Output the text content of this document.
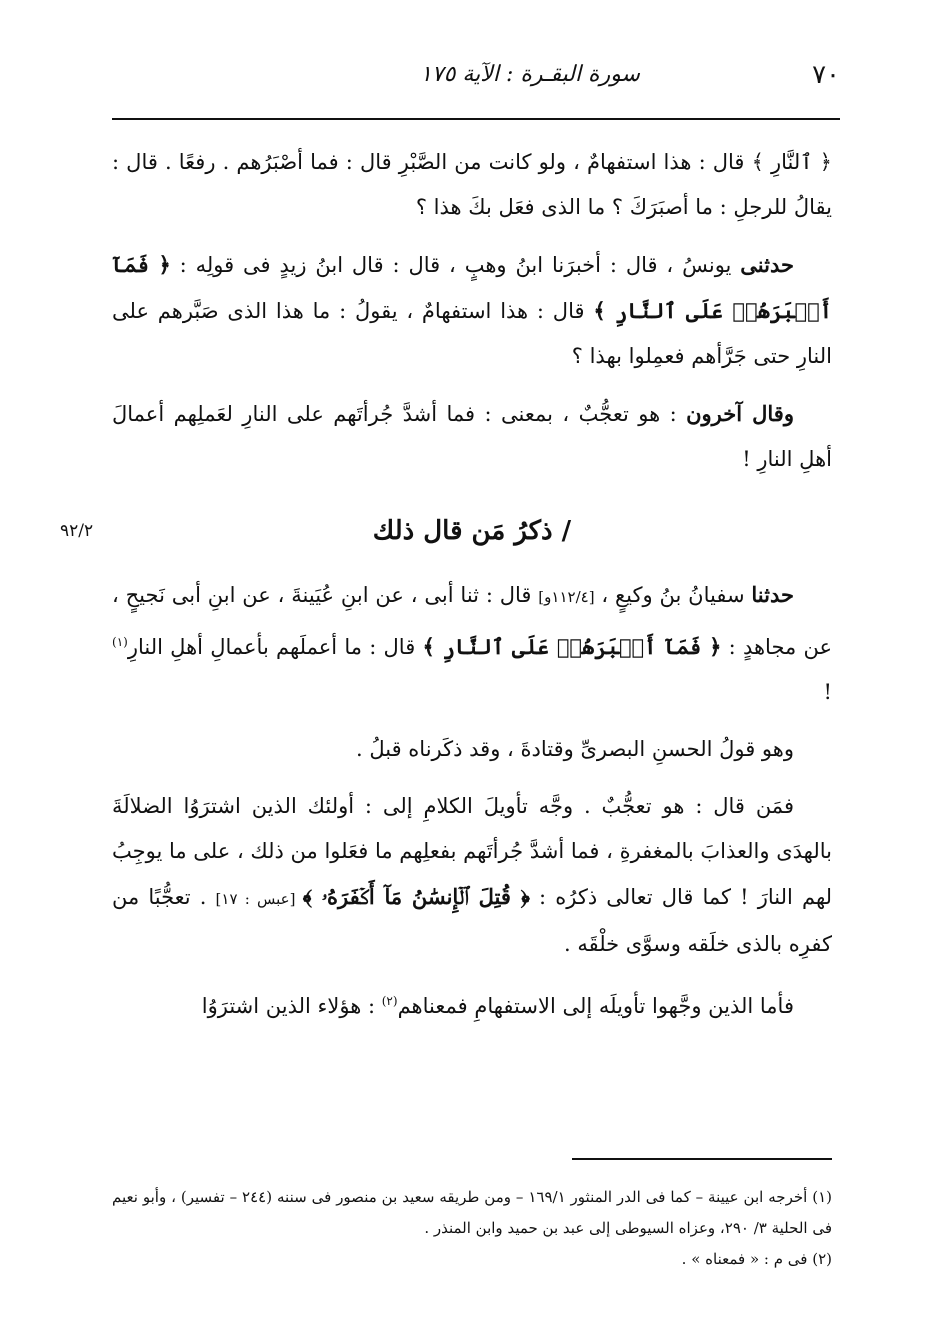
٧٠
سورة البقـرة : الآية ١٧٥

﴿ ٱلنَّارِ ﴾ قال : هذا استفهامٌ ، ولو كانت من الصَّبْرِ قال : فما أصْبَرُهم . رفعًا . قال : يقالُ للرجلِ : ما أصبَرَكَ ؟ ما الذى فعَل بكَ هذا ؟

حدثنى يونسُ ، قال : أخبرَنا ابنُ وهبٍ ، قال : قال ابنُ زيدٍ فى قولِه : ﴿ فَمَآ أَصۡبَرَهُمۡ عَلَى ٱلنَّارِ ﴾ قال : هذا استفهامٌ ، يقولُ : ما هذا الذى صَبَّرهم على النارِ حتى جَرَّأهم فعمِلوا بهذا ؟

وقال آخرون : هو تعجُّبٌ ، بمعنى : فما أشدَّ جُرأتَهم على النارِ لعَملِهم أعمالَ أهلِ النارِ !

/ ذكرُ مَن قال ذلك
٩٢/٢

حدثنا سفيانُ بنُ وكيعٍ ، [١١٢/٤و] قال : ثنا أبى ، عن ابنِ عُيَينةَ ، عن ابنِ أبى نَجيحٍ ، عن مجاهدٍ : ﴿ فَمَآ أَصۡبَرَهُمۡ عَلَى ٱلنَّارِ ﴾ قال : ما أعملَهم بأعمالِ أهلِ النارِ$^{(١)}$ !

وهو قولُ الحسنِ البصرىِّ وقتادةَ ، وقد ذكَرناه قبلُ .

فمَن قال : هو تعجُّبٌ . وجَّه تأويلَ الكلامِ إلى : أولئك الذين اشترَوُا الضلالَةَ بالهدَى والعذابَ بالمغفرةِ ، فما أشدَّ جُرأتَهم بفعلِهم ما فعَلوا من ذلك ، على ما يوجِبُ لهم النارَ ! كما قال تعالى ذكرُه : ﴿ قُتِلَ ٱلۡإِنسَٰنُ مَآ أَكۡفَرَهُۥ ﴾ [عبس : ١٧] . تعجُّبًا من كفرِه بالذى خلَقه وسوَّى خلْقَه .

فأما الذين وجَّهوا تأويلَه إلى الاستفهامِ فمعناهم$^{(٢)}$ : هؤلاء الذين اشترَوُا

(١) أخرجه ابن عيينة – كما فى الدر المنثور ١٦٩/١ – ومن طريقه سعيد بن منصور فى سننه (٢٤٤ – تفسير) ، وأبو نعيم فى الحلية ٣/ ٢٩٠، وعزاه السيوطى إلى عبد بن حميد وابن المنذر .

(٢) فى م : « فمعناه » .
